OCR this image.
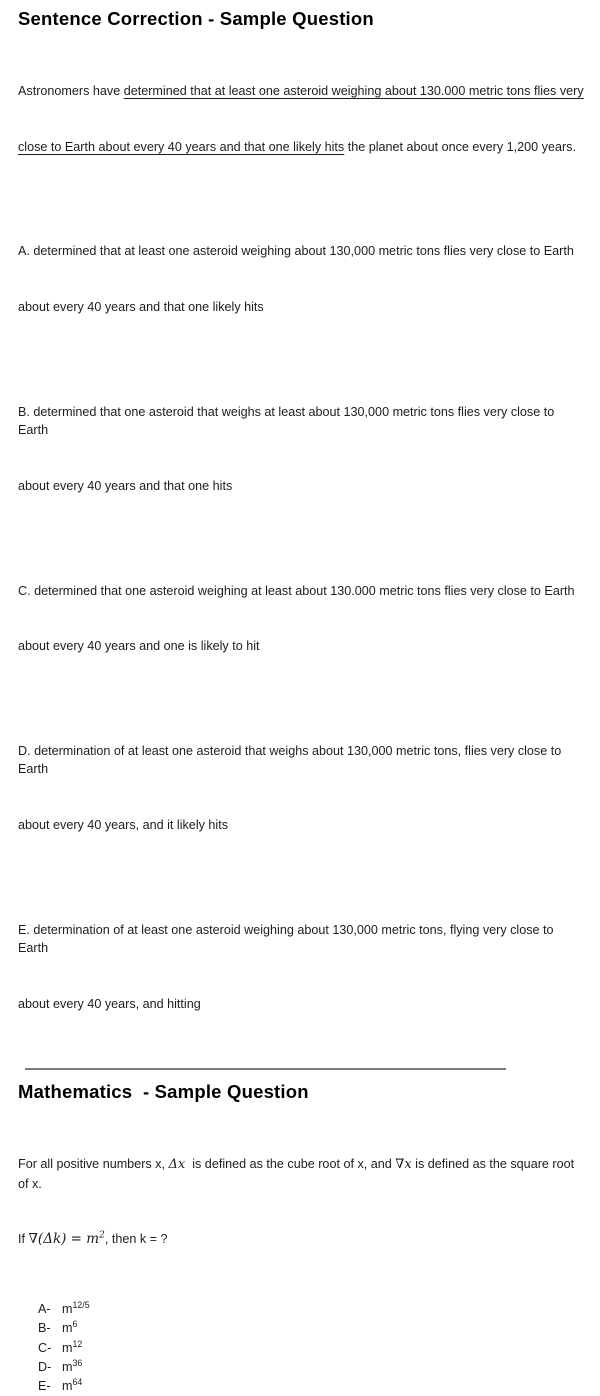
Sentence Correction - Sample Question

Astronomers have determined that at least one asteroid weighing about 130.000 metric tons flies very

close to Earth about every 40 years and that one likely hits the planet about once every 1,200 years.

A. determined that at least one asteroid weighing about 130,000 metric tons flies very close to Earth

about every 40 years and that one likely hits

B. determined that one asteroid that weighs at least about 130,000 metric tons flies very close to Earth

about every 40 years and that one hits

C. determined that one asteroid weighing at least about 130.000 metric tons flies very close to Earth

about every 40 years and one is likely to hit

D. determination of at least one asteroid that weighs about 130,000 metric tons, flies very close to Earth

about every 40 years, and it likely hits

E. determination of at least one asteroid weighing about 130,000 metric tons, flying very close to Earth

about every 40 years, and hitting

Mathematics  - Sample Question

For all positive numbers x, Δx  is defined as the cube root of x, and ∇x is defined as the square root of x.

If $\nabla(\Delta k) = m^2$, then k = ?

A- $m^{12/5}$
B- $m^6$
C- $m^{12}$
D- $m^{36}$
E- $m^{64}$
